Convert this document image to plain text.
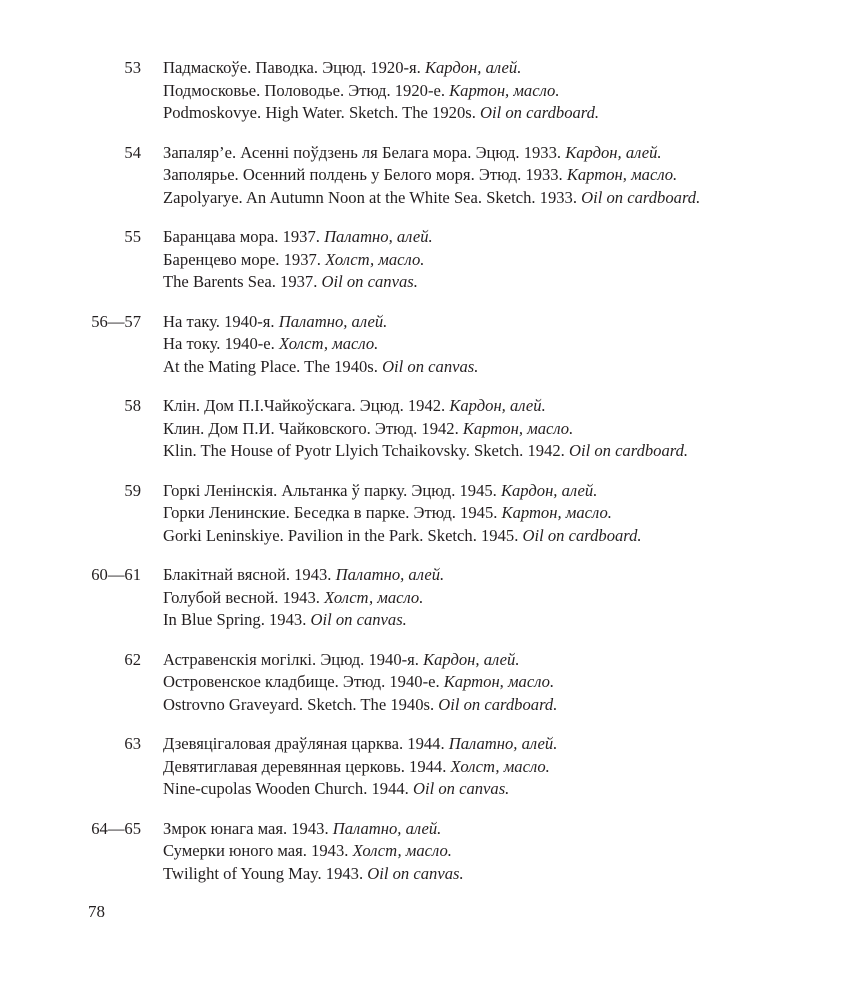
53 Падмаскоўе. Паводка. Эцюд. 1920-я. Кардон, алей.
Подмосковье. Половодье. Этюд. 1920-е. Картон, масло.
Podmoskovye. High Water. Sketch. The 1920s. Oil on cardboard.
54 Запаляр’е. Асенні поўдзень ля Белага мора. Эцюд. 1933. Кардон, алей.
Заполярье. Осенний полдень у Белого моря. Этюд. 1933. Картон, масло.
Zapolyarye. An Autumn Noon at the White Sea. Sketch. 1933. Oil on cardboard.
55 Баранцава мора. 1937. Палатно, алей.
Баренцево море. 1937. Холст, масло.
The Barents Sea. 1937. Oil on canvas.
56—57 На таку. 1940-я. Палатно, алей.
На току. 1940-е. Холст, масло.
At the Mating Place. The 1940s. Oil on canvas.
58 Клін. Дом П.І.Чайкоўскага. Эцюд. 1942. Кардон, алей.
Клин. Дом П.И. Чайковского. Этюд. 1942. Картон, масло.
Klin. The House of Pyotr Llyich Tchaikovsky. Sketch. 1942. Oil on cardboard.
59 Горкі Ленінскія. Альтанка ў парку. Эцюд. 1945. Кардон, алей.
Горки Ленинские. Беседка в парке. Этюд. 1945. Картон, масло.
Gorki Leninskiye. Pavilion in the Park. Sketch. 1945. Oil on cardboard.
60—61 Блакітнай вясной. 1943. Палатно, алей.
Голубой весной. 1943. Холст, масло.
In Blue Spring. 1943. Oil on canvas.
62 Астравенскія могілкі. Эцюд. 1940-я. Кардон, алей.
Островенское кладбище. Этюд. 1940-е. Картон, масло.
Ostrovno Graveyard. Sketch. The 1940s. Oil on cardboard.
63 Дзевяцігаловая драўляная царква. 1944. Палатно, алей.
Девятиглавая деревянная церковь. 1944. Холст, масло.
Nine-cupolas Wooden Church. 1944. Oil on canvas.
64—65 Змрок юнага мая. 1943. Палатно, алей.
Сумерки юного мая. 1943. Холст, масло.
Twilight of Young May. 1943. Oil on canvas.
78
